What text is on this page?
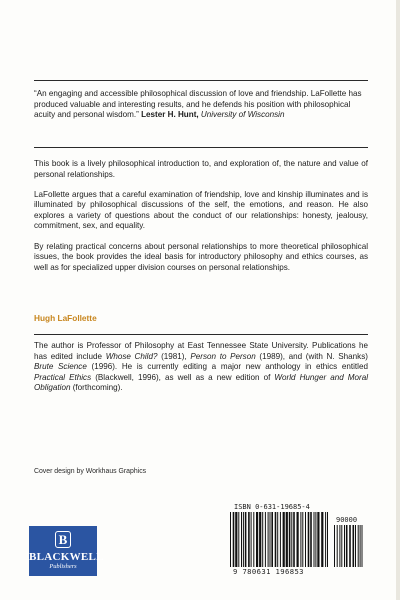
“An engaging and accessible philosophical discussion of love and friendship. LaFollette has produced valuable and interesting results, and he defends his position with philosophical acuity and personal wisdom.” Lester H. Hunt, University of Wisconsin

This book is a lively philosophical introduction to, and exploration of, the nature and value of personal relationships.

LaFollette argues that a careful examination of friendship, love and kinship illuminates and is illuminated by philosophical discussions of the self, the emotions, and reason. He also explores a variety of questions about the conduct of our relationships: honesty, jealousy, commitment, sex, and equality.

By relating practical concerns about personal relationships to more theoretical philosophical issues, the book provides the ideal basis for introductory philosophy and ethics courses, as well as for specialized upper division courses on personal relationships.

Hugh LaFollette
The author is Professor of Philosophy at East Tennessee State University. Publications he has edited include Whose Child? (1981), Person to Person (1989), and (with N. Shanks) Brute Science (1996). He is currently editing a major new anthology in ethics entitled Practical Ethics (Blackwell, 1996), as well as a new edition of World Hunger and Moral Obligation (forthcoming).
Cover design by Workhaus Graphics
B
BLACKWELL
Publishers
ISBN 0-631-19685-4
90000
9 780631 196853
